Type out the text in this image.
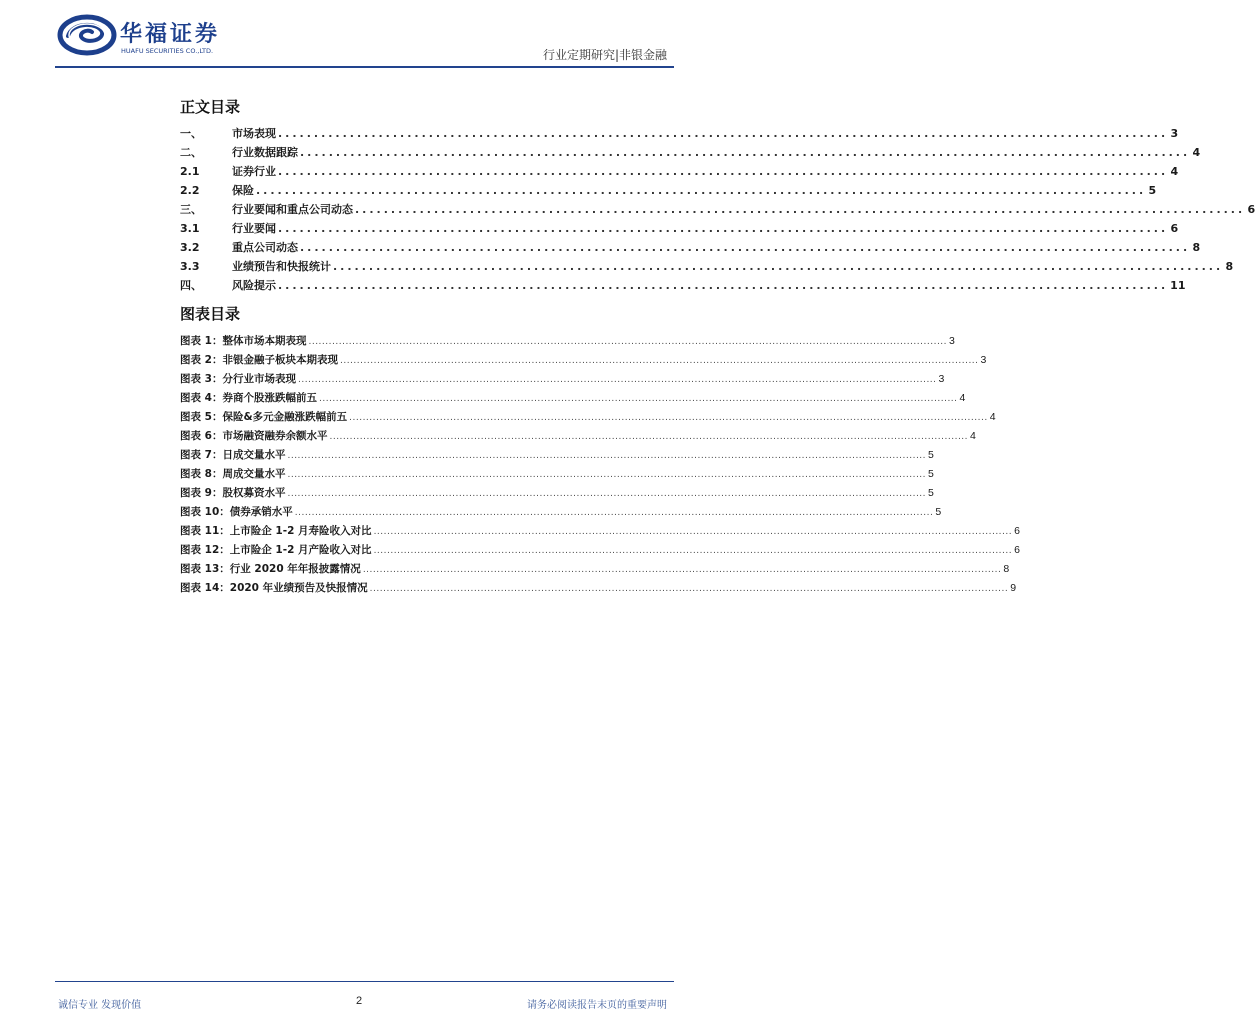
华福证券
HUAFU SECURITIES CO.,LTD.	行业定期研究|非银金融
正文目录
一、	市场表现 ............................................................................................................................ 3
二、	行业数据跟踪 ............................................................................................................................ 4
2.1	证券行业 ............................................................................................................................ 4
2.2	保险 ............................................................................................................................ 5
三、	行业要闻和重点公司动态 ............................................................................................................................ 6
3.1	行业要闻 ............................................................................................................................ 6
3.2	重点公司动态 ............................................................................................................................ 8
3.3	业绩预告和快报统计 ............................................................................................................................ 8
四、	风险提示 ............................................................................................................................ 11
图表目录
图表 1：整体市场本期表现 .............................................................................................................................................................................................. 3
图表 2：非银金融子板块本期表现 .............................................................................................................................................................................................. 3
图表 3：分行业市场表现 .............................................................................................................................................................................................. 3
图表 4：券商个股涨跌幅前五 .............................................................................................................................................................................................. 4
图表 5：保险&多元金融涨跌幅前五 .............................................................................................................................................................................................. 4
图表 6：市场融资融券余额水平 .............................................................................................................................................................................................. 4
图表 7：日成交量水平 .............................................................................................................................................................................................. 5
图表 8：周成交量水平 .............................................................................................................................................................................................. 5
图表 9：股权募资水平 .............................................................................................................................................................................................. 5
图表 10：债券承销水平 .............................................................................................................................................................................................. 5
图表 11：上市险企 1-2 月寿险收入对比 .............................................................................................................................................................................................. 6
图表 12：上市险企 1-2 月产险收入对比 .............................................................................................................................................................................................. 6
图表 13：行业 2020 年年报披露情况 .............................................................................................................................................................................................. 8
图表 14：2020 年业绩预告及快报情况 .............................................................................................................................................................................................. 9
诚信专业 发现价值	2	请务必阅读报告末页的重要声明
